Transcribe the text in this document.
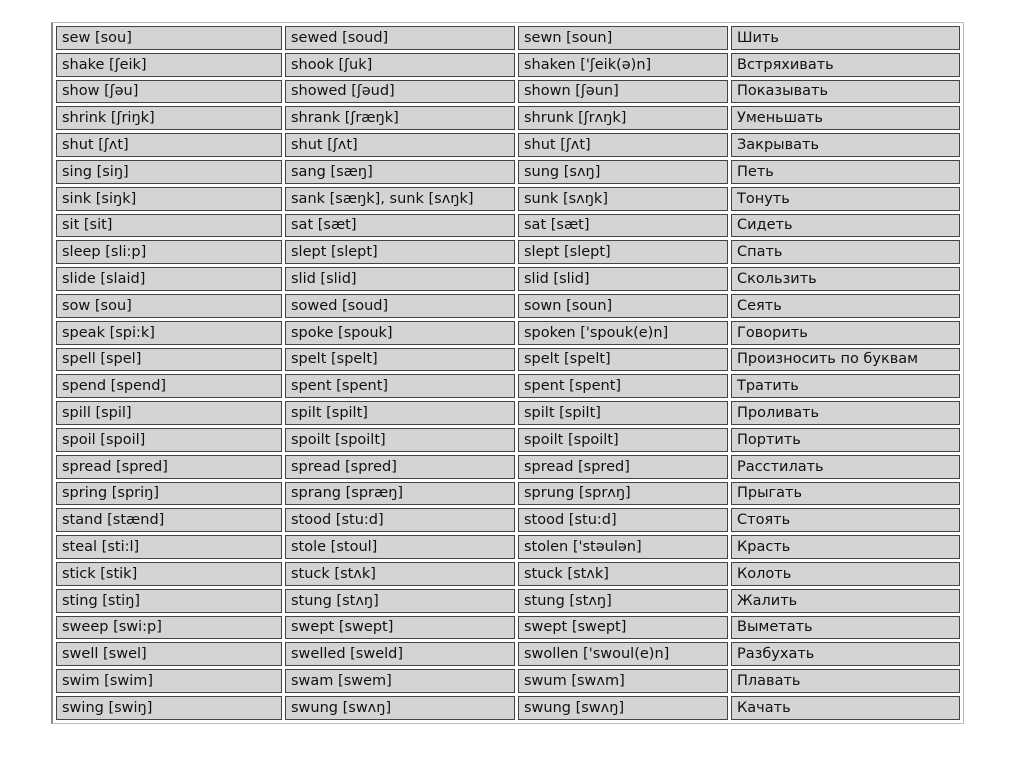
sew [sou]	sewed [soud]	sewn [soun]	Шить
shake [ʃeik]	shook [ʃuk]	shaken ['ʃeik(ə)n]	Встряхивать
show [ʃəu]	showed [ʃəud]	shown [ʃəun]	Показывать
shrink [ʃriŋk]	shrank [ʃræŋk]	shrunk [ʃrʌŋk]	Уменьшать
shut [ʃʌt]	shut [ʃʌt]	shut [ʃʌt]	Закрывать
sing [siŋ]	sang [sæŋ]	sung [sʌŋ]	Петь
sink [siŋk]	sank [sæŋk], sunk [sʌŋk]	sunk [sʌŋk]	Тонуть
sit [sit]	sat [sæt]	sat [sæt]	Сидеть
sleep [sli:p]	slept [slept]	slept [slept]	Спать
slide [slaid]	slid [slid]	slid [slid]	Скользить
sow [sou]	sowed [soud]	sown [soun]	Сеять
speak [spi:k]	spoke [spouk]	spoken ['spouk(e)n]	Говорить
spell [spel]	spelt [spelt]	spelt [spelt]	Произносить по буквам
spend [spend]	spent [spent]	spent [spent]	Тратить
spill [spil]	spilt [spilt]	spilt [spilt]	Проливать
spoil [spoil]	spoilt [spoilt]	spoilt [spoilt]	Портить
spread [spred]	spread [spred]	spread [spred]	Расстилать
spring [spriŋ]	sprang [spræŋ]	sprung [sprʌŋ]	Прыгать
stand [stænd]	stood [stu:d]	stood [stu:d]	Стоять
steal [sti:l]	stole [stoul]	stolen ['stəulən]	Красть
stick [stik]	stuck [stʌk]	stuck [stʌk]	Колоть
sting [stiŋ]	stung [stʌŋ]	stung [stʌŋ]	Жалить
sweep [swi:p]	swept [swept]	swept [swept]	Выметать
swell [swel]	swelled [sweld]	swollen ['swoul(e)n]	Разбухать
swim [swim]	swam [swem]	swum [swʌm]	Плавать
swing [swiŋ]	swung [swʌŋ]	swung [swʌŋ]	Качать
